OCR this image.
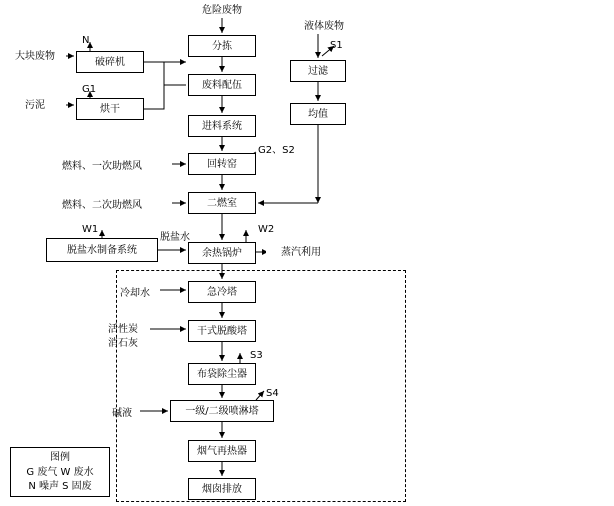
图例
G 废气 W 废水
N 噪声 S 固废
大块废物
污泥
破碎机
烘干
危险废物
分拣
废料配伍
进料系统
回转窑
二燃室
余热锅炉
液体废物
过滤
均值
蒸汽利用
脱盐水制备系统
急冷塔
干式脱酸塔
布袋除尘器
一级/二级喷淋塔
烟气再热器
烟囱排放
N
G1
S1
G2、S2
燃料、一次助燃风
燃料、二次助燃风
W1	W2
脱盐水
冷却水
活性炭
消石灰
S3
S4
碱液
